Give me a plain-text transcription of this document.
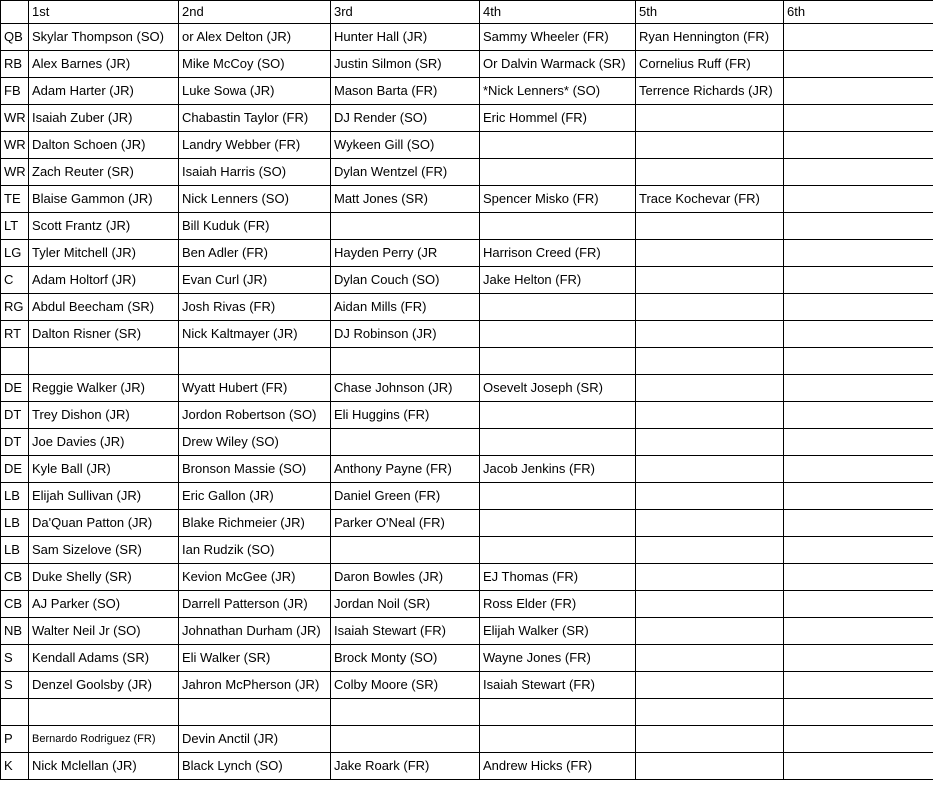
	1st	2nd	3rd	4th	5th	6th
QB	Skylar Thompson (SO)	or Alex Delton (JR)	Hunter Hall (JR)	Sammy Wheeler (FR)	Ryan Hennington (FR)	
RB	Alex Barnes (JR)	Mike McCoy (SO)	Justin Silmon (SR)	Or Dalvin Warmack (SR)	Cornelius Ruff (FR)	
FB	Adam Harter (JR)	Luke Sowa (JR)	Mason Barta (FR)	*Nick Lenners* (SO)	Terrence Richards (JR)	
WR	Isaiah Zuber (JR)	Chabastin Taylor (FR)	DJ Render (SO)	Eric Hommel (FR)		
WR	Dalton Schoen (JR)	Landry Webber (FR)	Wykeen Gill (SO)			
WR	Zach Reuter (SR)	Isaiah Harris (SO)	Dylan Wentzel (FR)			
TE	Blaise Gammon (JR)	Nick Lenners (SO)	Matt Jones (SR)	Spencer Misko (FR)	Trace Kochevar (FR)	
LT	Scott Frantz (JR)	Bill Kuduk (FR)				
LG	Tyler Mitchell (JR)	Ben Adler (FR)	Hayden Perry (JR	Harrison Creed (FR)		
C	Adam Holtorf (JR)	Evan Curl (JR)	Dylan Couch (SO)	Jake Helton (FR)		
RG	Abdul Beecham (SR)	Josh Rivas (FR)	Aidan Mills (FR)			
RT	Dalton Risner (SR)	Nick Kaltmayer (JR)	DJ Robinson (JR)			

DE	Reggie Walker (JR)	Wyatt Hubert (FR)	Chase Johnson (JR)	Osevelt Joseph (SR)		
DT	Trey Dishon (JR)	Jordon Robertson (SO)	Eli Huggins (FR)			
DT	Joe Davies (JR)	Drew Wiley (SO)				
DE	Kyle Ball (JR)	Bronson Massie (SO)	Anthony Payne (FR)	Jacob Jenkins (FR)		
LB	Elijah Sullivan (JR)	Eric Gallon (JR)	Daniel Green (FR)			
LB	Da'Quan Patton (JR)	Blake Richmeier (JR)	Parker O'Neal (FR)			
LB	Sam Sizelove (SR)	Ian Rudzik (SO)				
CB	Duke Shelly (SR)	Kevion McGee (JR)	Daron Bowles (JR)	EJ Thomas (FR)		
CB	AJ Parker (SO)	Darrell Patterson (JR)	Jordan Noil (SR)	Ross Elder (FR)		
NB	Walter Neil Jr (SO)	Johnathan Durham (JR)	Isaiah Stewart (FR)	Elijah Walker (SR)		
S	Kendall Adams (SR)	Eli Walker (SR)	Brock Monty (SO)	Wayne Jones (FR)		
S	Denzel Goolsby (JR)	Jahron McPherson (JR)	Colby Moore (SR)	Isaiah Stewart (FR)		

P	Bernardo Rodriguez (FR)	Devin Anctil (JR)				
K	Nick Mclellan (JR)	Black Lynch (SO)	Jake Roark (FR)	Andrew Hicks (FR)		
